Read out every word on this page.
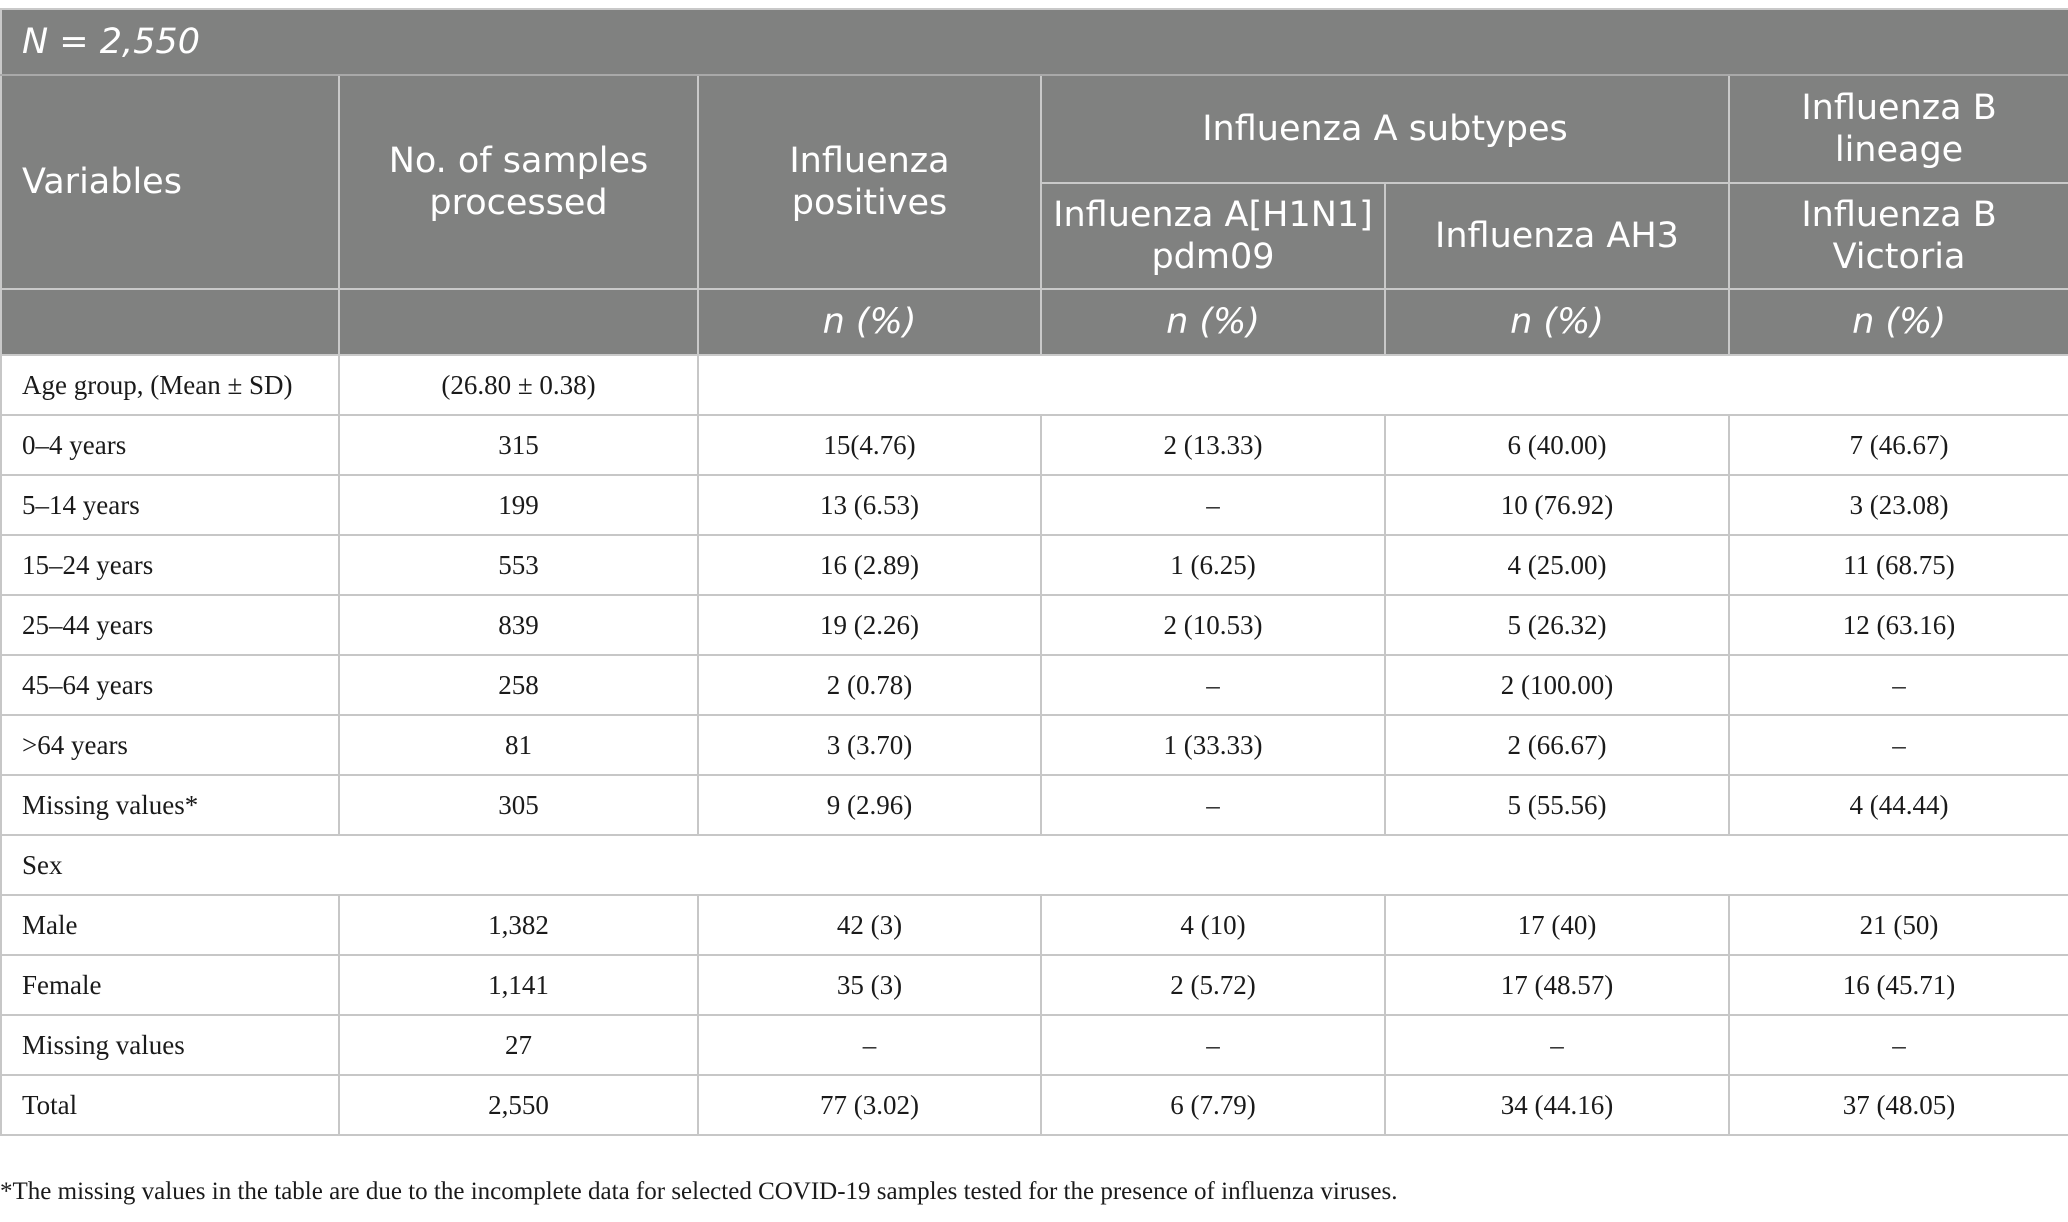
N = 2,550					
Variables	No. of samples processed	Influenza positives	Influenza A subtypes		Influenza B lineage
			Influenza A[H1N1] pdm09	Influenza AH3	Influenza B Victoria
		n (%)	n (%)	n (%)	n (%)
Age group, (Mean ± SD)	(26.80 ± 0.38)				
0–4 years	315	15(4.76)	2 (13.33)	6 (40.00)	7 (46.67)
5–14 years	199	13 (6.53)	–	10 (76.92)	3 (23.08)
15–24 years	553	16 (2.89)	1 (6.25)	4 (25.00)	11 (68.75)
25–44 years	839	19 (2.26)	2 (10.53)	5 (26.32)	12 (63.16)
45–64 years	258	2 (0.78)	–	2 (100.00)	–
>64 years	81	3 (3.70)	1 (33.33)	2 (66.67)	–
Missing values*	305	9 (2.96)	–	5 (55.56)	4 (44.44)
Sex					
Male	1,382	42 (3)	4 (10)	17 (40)	21 (50)
Female	1,141	35 (3)	2 (5.72)	17 (48.57)	16 (45.71)
Missing values	27	–	–	–	–
Total	2,550	77 (3.02)	6 (7.79)	34 (44.16)	37 (48.05)
*The missing values in the table are due to the incomplete data for selected COVID-19 samples tested for the presence of influenza viruses.
